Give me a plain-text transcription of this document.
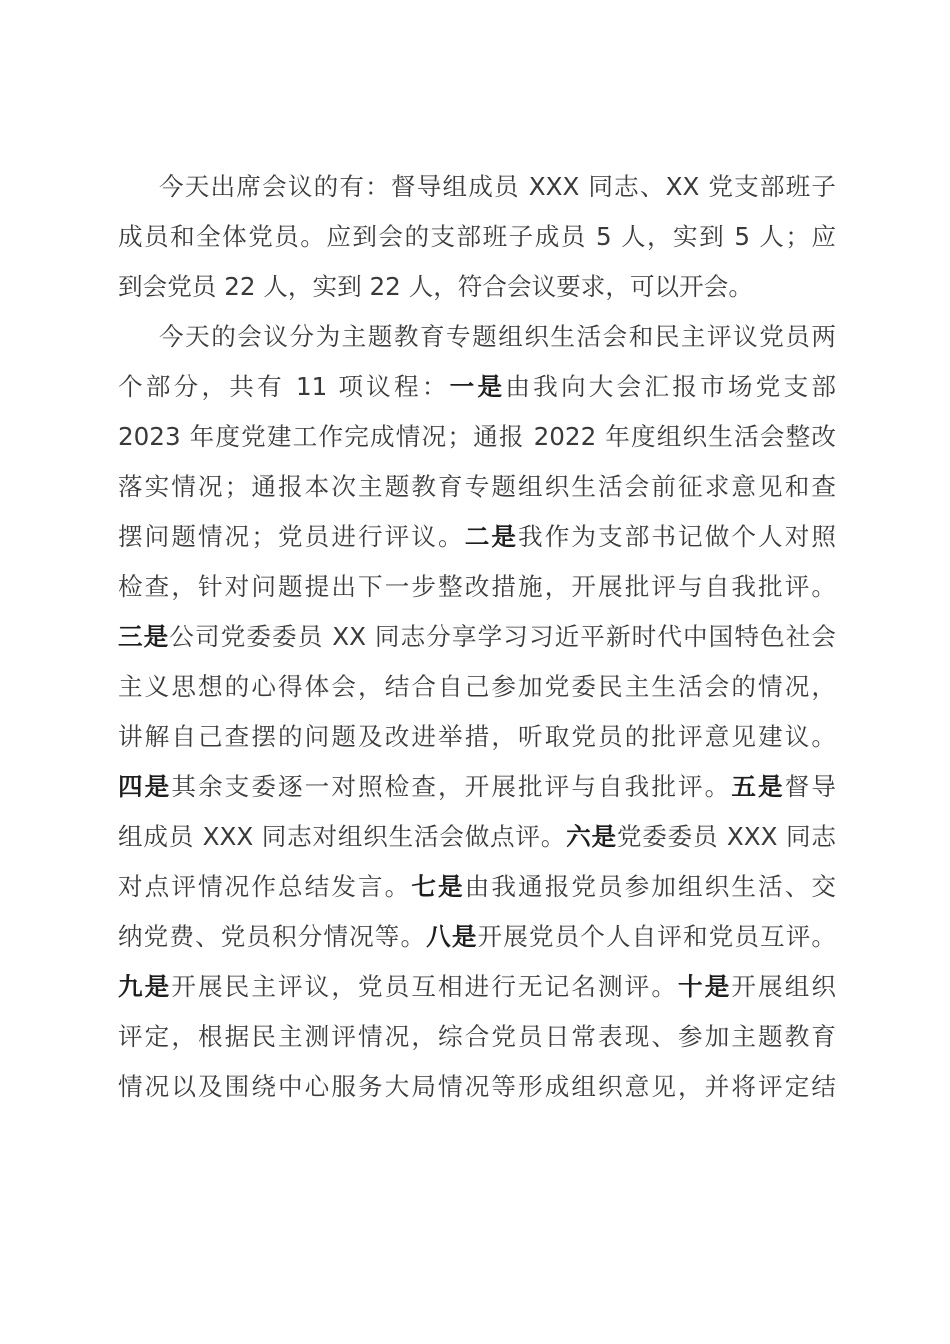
今天出席会议的有：督导组成员 XXX 同志、XX 党支部班子
成员和全体党员。应到会的支部班子成员 5 人，实到 5 人；应
到会党员 22 人，实到 22 人，符合会议要求，可以开会。
今天的会议分为主题教育专题组织生活会和民主评议党员两
个部分，共有 11 项议程：一是由我向大会汇报市场党支部
2023 年度党建工作完成情况；通报 2022 年度组织生活会整改
落实情况；通报本次主题教育专题组织生活会前征求意见和查
摆问题情况；党员进行评议。二是我作为支部书记做个人对照
检查，针对问题提出下一步整改措施，开展批评与自我批评。
三是公司党委委员 XX 同志分享学习习近平新时代中国特色社会
主义思想的心得体会，结合自己参加党委民主生活会的情况，
讲解自己查摆的问题及改进举措，听取党员的批评意见建议。
四是其余支委逐一对照检查，开展批评与自我批评。五是督导
组成员 XXX 同志对组织生活会做点评。六是党委委员 XXX 同志
对点评情况作总结发言。七是由我通报党员参加组织生活、交
纳党费、党员积分情况等。八是开展党员个人自评和党员互评。
九是开展民主评议，党员互相进行无记名测评。十是开展组织
评定，根据民主测评情况，综合党员日常表现、参加主题教育
情况以及围绕中心服务大局情况等形成组织意见，并将评定结
